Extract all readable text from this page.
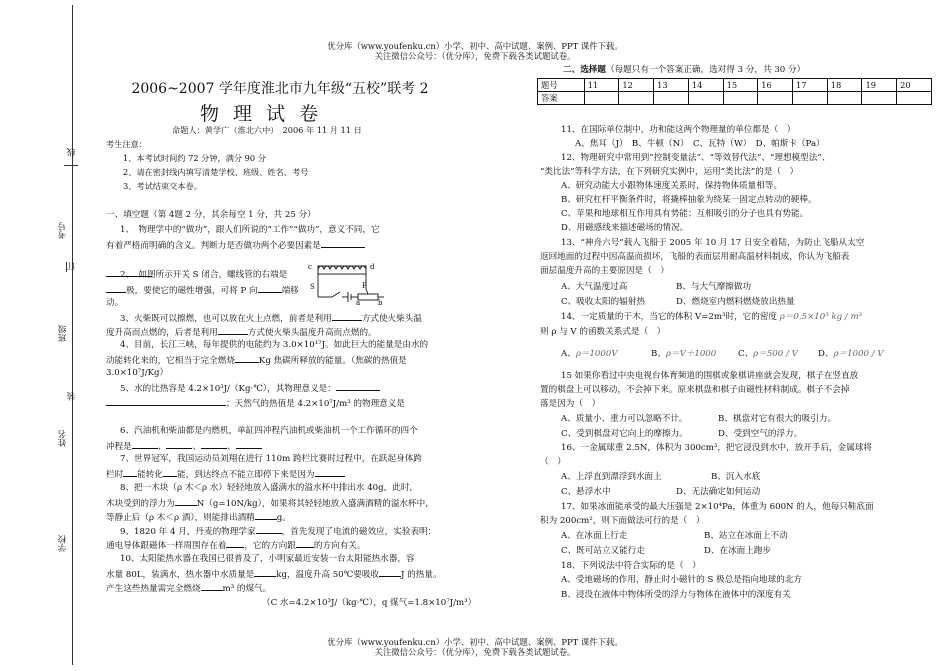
优分库（www.youfenku.cn）小学、初中、高中试题、案例、PPT 课件下载。
关注微信公众号：（优分库），免费下载各类试题试卷。
线
考号
订
班级
装
姓名
学校
2006~2007 学年度淮北市九年级“五校”联考 2
物 理 试 卷
命题人：黄学广（淮北六中）　2006 年 11 月 11 日
考生注意：
1、本考试时间约 72 分钟，满分 90 分
2、请在密封线内填写清楚学校、班级、姓名、考号
3、考试结束交本卷。
一、填空题（第 4题 2 分，其余每空 1 分，共 25 分）
1、　物理学中的“做功”，跟人们所说的“工作”“做功”，意义不同，它
有着严格而明确的含义。判断力是否做功两个必要因素是
2、　如图所示开关 S 闭合，螺线管的右端是
极，要使它的磁性增强，可将 P 向	端移
动。
c	d
S	P
a	b
3、火柴既可以擦燃，也可以放在火上点燃，前者是利用	方式使火柴头温
度升高而点燃的，后者是利用	方式使火柴头温度升高而点燃的。
4、目前，长江三峡，每年提供的电能约为 3.0×10¹⁷J。如此巨大的能量是由水的
动能转化来的，它相当于完全燃烧	Kg 焦碳所释放的能量。（焦碳的热值是
3.0×10⁷J/Kg）
5、水的比热容是 4.2×10³J/（Kg·℃），其物理意义是：
；天然气的热值是 4.2×10⁷J/m³ 的物理意义是
6、汽油机和柴油都是内燃机，单缸四冲程汽油机或柴油机一个工作循环的四个
冲程是	、	、	、
7、世界冠军，我国运动员刘翔在进行 110m 跨栏比赛时过程中，在跃起身体跨
栏时 能转化 能，到达终点不能立即停下来是因为
8、把一木块（ρ 木＜ρ 水）轻轻地放入盛满水的溢水杯中排出水 40g，此时，
木块受到的浮力为	N（g=10N/kg），如果将其轻轻地放入盛满酒精的溢水杯中，
等静止后（ρ 木＜ρ 酒），则能排出酒精	g。
9、1820 年 4 月，丹麦的物理学家	，首先发现了电流的磁效应，实验表明：
通电导体跟磁体一样周围存在着 ，它的方向跟 的方向有关。
10、太阳能热水器在我国已很普及了，小明家最近安装一台太阳能热水器，容
水量 80L，装满水，热水器中水质量是	kg，温度升高 50℃要吸收	J 的热量。
产生这些热量需完全燃烧	m³ 的煤气。
（C 水=4.2×10³J/（kg·℃），q 煤气=1.8×10⁷J/m³）
二、选择题（每题只有一个答案正确，选对得 3 分，共 30 分）
题号	11	12	13	14	15	16	17	18	19	20
答案										
11、在国际单位制中，功和能这两个物理量的单位都是（　）
A、焦耳（J）　B、牛顿（N）　C、瓦特（W）　D、帕斯卡（Pa）
12、物理研究中常用到“控制变量法”、“等效替代法”、“理想模型法”、
“类比法”等科学方法，在下列研究实例中，运用“类比法”的是（　）
A、研究动能大小跟物体速度关系时，保持物体质量相等。
B、研究杠杆平衡条件时，将撬棒抽象为绕某一固定点转动的硬棒。
C、苹果和地球相互作用具有势能；互相吸引的分子也具有势能。
D、用磁感线来描述磁场的情况。
13、“神舟六号”载人飞船于 2005 年 10 月 17 日安全着陆，为防止飞船从太空
返回地面的过程中因高温而损坏，飞船的表面层用耐高温材料制成，你认为飞船表
面层温度升高的主要原因是（　）
A、大气温度过高	B、与大气摩擦做功
C、吸收太阳的辐射热	D、燃烧室内燃料燃烧放出热量
14、一定质量的干木，当它的体积 V=2m³时，它的密度 ρ＝0.5×10³ kg / m³
则 ρ 与 V 的函数关系式是（　）
A、ρ＝1000V	B、ρ＝V＋1000	C、ρ＝500 / V D、ρ＝1000 / V
15 如果你看过中央电视台体育频道的围棋或象棋讲座就会发现，棋子在竖直放
置的棋盘上可以移动，不会掉下来。原来棋盘和棋子由磁性材料制成。棋子不会掉
落是因为（　）
A、质量小、重力可以忽略不计。	B、棋盘对它有很大的吸引力。
C、受到棋盘对它向上的摩擦力。	D、受到空气的浮力。
16、一金属球重 2.5N，体积为 300cm³，把它浸没到水中，放开手后，金属球将
（　）
A、上浮直到漂浮到水面上	B、沉入水底
C、悬浮水中	D、无法确定如何运动
17、如果冰面能承受的最大压强是 2×10⁴Pa，体重为 600N 的人，他每只鞋底面
积为 200cm²，则下面做法可行的是（　）
A、在冰面上行走	B、站立在冰面上不动
C、既可站立又能行走	D、在冰面上跑步
18、下列说法中符合实际的是（　）
A、受地磁场的作用，静止时小磁针的 S 极总是指向地球的北方
B、浸没在液体中物体所受的浮力与物体在液体中的深度有关
优分库（www.youfenku.cn）小学、初中、高中试题、案例、PPT 课件下载。
关注微信公众号：（优分库），免费下载各类试题试卷。
